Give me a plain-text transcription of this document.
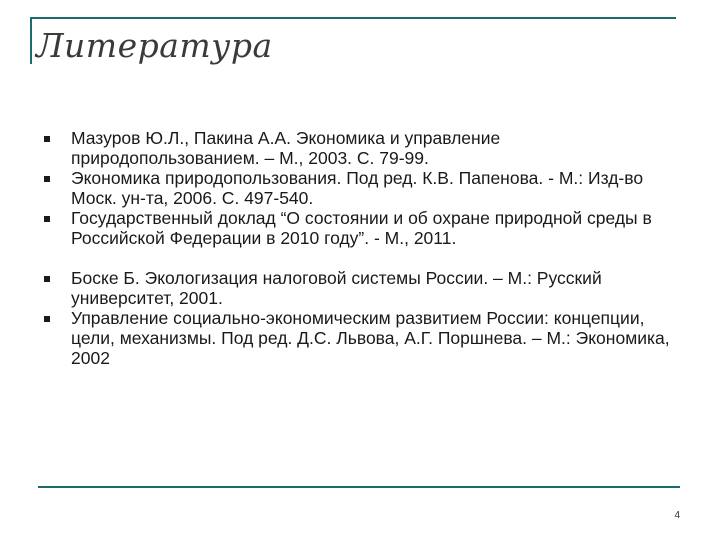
Литература
Мазуров Ю.Л., Пакина А.А. Экономика и управление природопользованием. – М., 2003. С. 79-99.
Экономика природопользования. Под ред. К.В. Папенова. - М.: Изд-во Моск. ун-та, 2006. С. 497-540.
Государственный доклад “О состоянии и об охране природной среды в Российской Федерации в 2010 году”. - М., 2011.
Боске Б. Экологизация налоговой системы России. – М.: Русский университет, 2001.
Управление социально-экономическим развитием России: концепции, цели, механизмы. Под ред. Д.С. Львова, А.Г. Поршнева. – М.: Экономика, 2002
4
